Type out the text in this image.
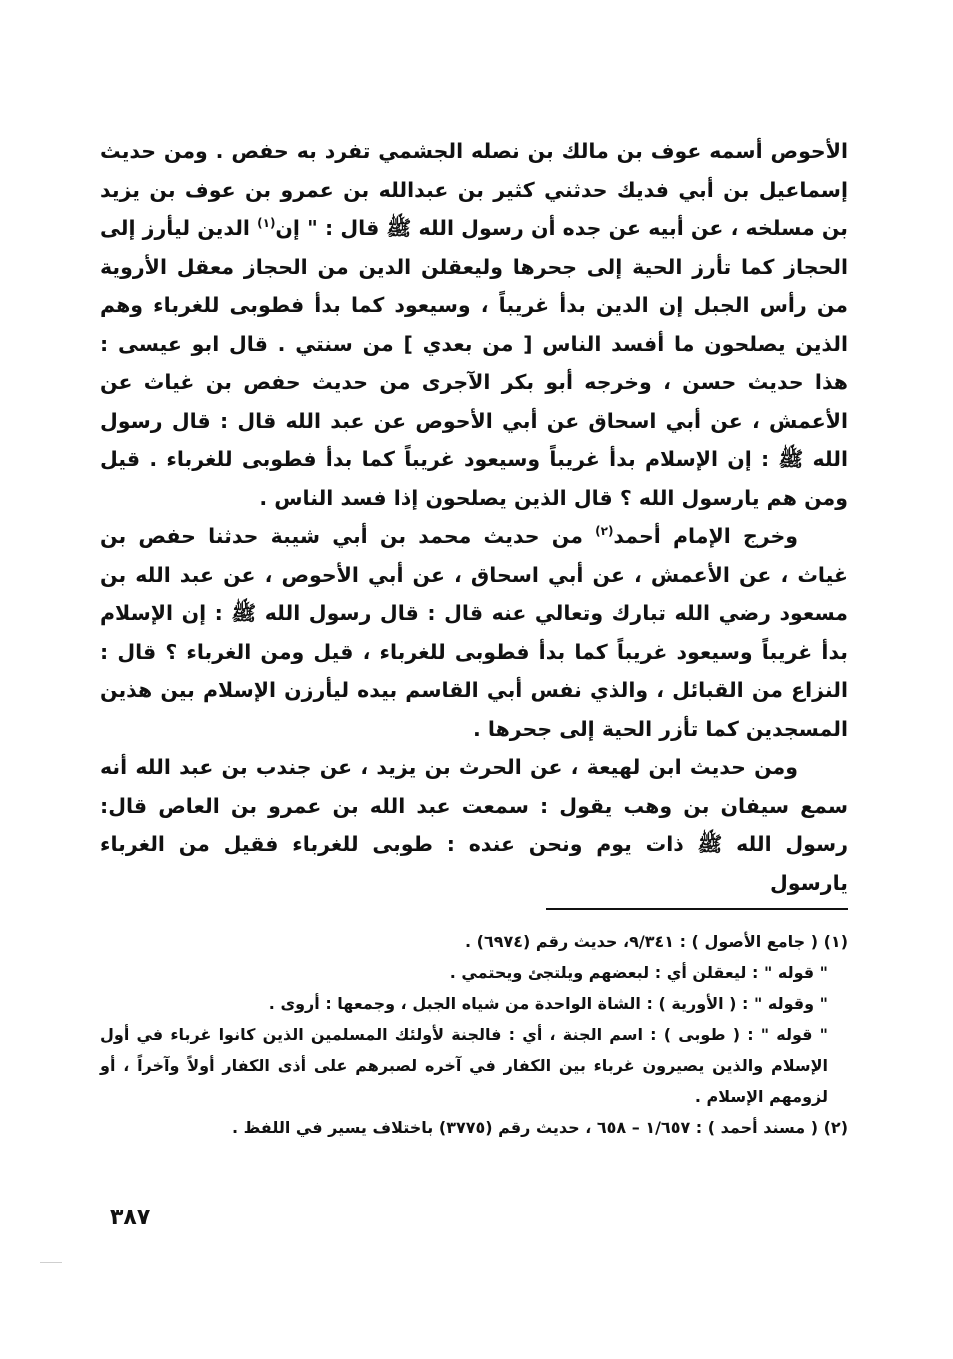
الأحوص أسمه عوف بن مالك بن نصله الجشمي تفرد به حفص . ومن حديث إسماعيل بن أبي فديك حدثني كثير بن عبدالله بن عمرو بن عوف بن يزيد بن مسلخه ، عن أبيه عن جده أن رسول الله ﷺ قال : " إن$^{(١)}$ الدين ليأرز إلى الحجاز كما تأرز الحية إلى جحرها وليعقلن الدين من الحجاز معقل الأروية من رأس الجبل إن الدين بدأ غريباً ، وسيعود كما بدأ فطوبى للغرباء وهم الذين يصلحون ما أفسد الناس [ من بعدي ] من سنتي . قال ابو عيسى : هذا حديث حسن ، وخرجه أبو بكر الآجرى من حديث حفص بن غياث عن الأعمش ، عن أبي اسحاق عن أبي الأحوص عن عبد الله قال : قال رسول الله ﷺ : إن الإسلام بدأ غريباً وسيعود غريباً كما بدأ فطوبى للغرباء . قيل ومن هم يارسول الله ؟ قال الذين يصلحون إذا فسد الناس .

وخرج الإمام أحمد$^{(٢)}$ من حديث محمد بن أبي شيبة حدثنا حفص بن غياث ، عن الأعمش ، عن أبي اسحاق ، عن أبي الأحوص ، عن عبد الله بن مسعود رضي الله تبارك وتعالي عنه قال : قال رسول الله ﷺ : إن الإسلام بدأ غريباً وسيعود غريباً كما بدأ فطوبى للغرباء ، قيل ومن الغرباء ؟ قال : النزاع من القبائل ، والذي نفس أبي القاسم بيده ليأرزن الإسلام بين هذين المسجدين كما تأزر الحية إلى جحرها .

ومن حديث ابن لهيعة ، عن الحرث بن يزيد ، عن جندب بن عبد الله أنه سمع سيفان بن وهب يقول : سمعت عبد الله بن عمرو بن العاص قال: رسول الله ﷺ ذات يوم ونحن عنده : طوبى للغرباء فقيل من الغرباء يارسول

(١) ( جامع الأصول ) : ٩/٣٤١، حديث رقم (٦٩٧٤) .

" قوله " : ليعقلن أي : لبعضهم ويلتجئ ويحتمي .

" وقوله " : ( الأورية ) : الشاة الواحدة من شياه الجبل ، وجمعها : أروى .

" قوله " : ( طوبى ) : اسم الجنة ، أي : فالجنة لأولئك المسلمين الذين كانوا غرباء في أول الإسلام والذين يصيرون غرباء بين الكفار في آخره لصبرهم على أذى الكفار أولاً وآخراً ، أو لزومهم الإسلام .

(٢) ( مسند أحمد ) : ١/٦٥٧ – ٦٥٨ ، حديث رقم (٣٧٧٥) باختلاف يسير في اللفظ .

٣٨٧
